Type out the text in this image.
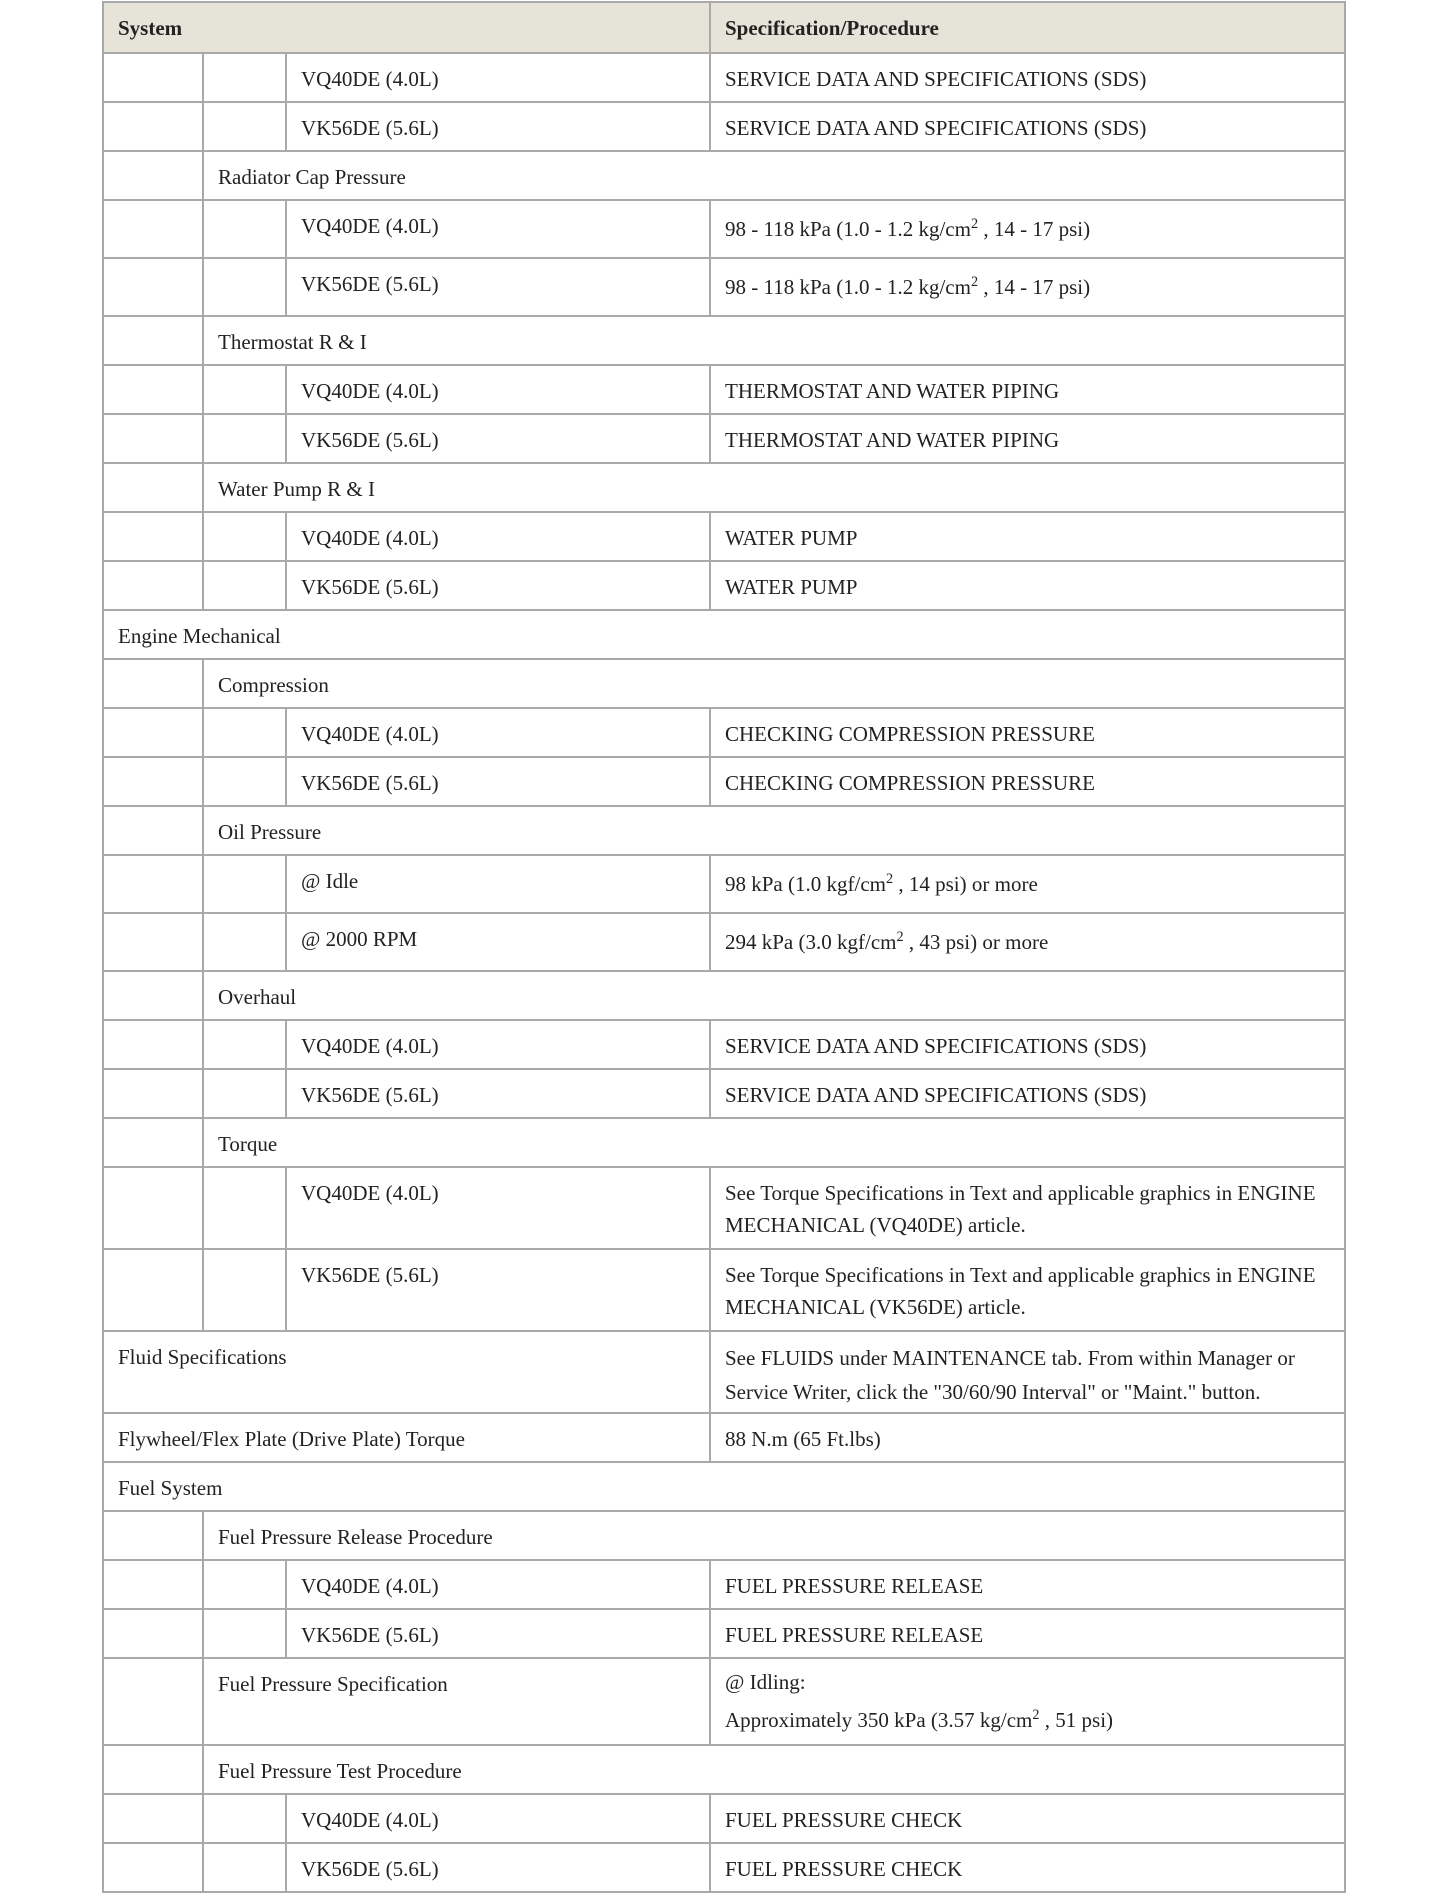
System			Specification/Procedure
		VQ40DE (4.0L)	SERVICE DATA AND SPECIFICATIONS (SDS)
		VK56DE (5.6L)	SERVICE DATA AND SPECIFICATIONS (SDS)
	Radiator Cap Pressure		
		VQ40DE (4.0L)	98 - 118 kPa (1.0 - 1.2 $kg/cm^2$ , 14 - 17 psi)
		VK56DE (5.6L)	98 - 118 kPa (1.0 - 1.2 $kg/cm^2$ , 14 - 17 psi)
	Thermostat R & I		
		VQ40DE (4.0L)	THERMOSTAT AND WATER PIPING
		VK56DE (5.6L)	THERMOSTAT AND WATER PIPING
	Water Pump R & I		
		VQ40DE (4.0L)	WATER PUMP
		VK56DE (5.6L)	WATER PUMP
Engine Mechanical			
	Compression		
		VQ40DE (4.0L)	CHECKING COMPRESSION PRESSURE
		VK56DE (5.6L)	CHECKING COMPRESSION PRESSURE
	Oil Pressure		
		@ Idle	98 kPa (1.0 kgf/$cm^2$ , 14 psi) or more
		@ 2000 RPM	294 kPa (3.0 kgf/$cm^2$ , 43 psi) or more
	Overhaul		
		VQ40DE (4.0L)	SERVICE DATA AND SPECIFICATIONS (SDS)
		VK56DE (5.6L)	SERVICE DATA AND SPECIFICATIONS (SDS)
	Torque		
		VQ40DE (4.0L)	See Torque Specifications in Text and applicable graphics in ENGINE MECHANICAL (VQ40DE) article.
		VK56DE (5.6L)	See Torque Specifications in Text and applicable graphics in ENGINE MECHANICAL (VK56DE) article.
Fluid Specifications			See FLUIDS under MAINTENANCE tab. From within Manager or Service Writer, click the "30/60/90 Interval" or "Maint." button.
Flywheel/Flex Plate (Drive Plate) Torque			88 N.m (65 Ft.lbs)
Fuel System			
	Fuel Pressure Release Procedure		
		VQ40DE (4.0L)	FUEL PRESSURE RELEASE
		VK56DE (5.6L)	FUEL PRESSURE RELEASE
	Fuel Pressure Specification		@ Idling:
Approximately 350 kPa (3.57 $kg/cm^2$ , 51 psi)

	Fuel Pressure Test Procedure		
		VQ40DE (4.0L)	FUEL PRESSURE CHECK
		VK56DE (5.6L)	FUEL PRESSURE CHECK
